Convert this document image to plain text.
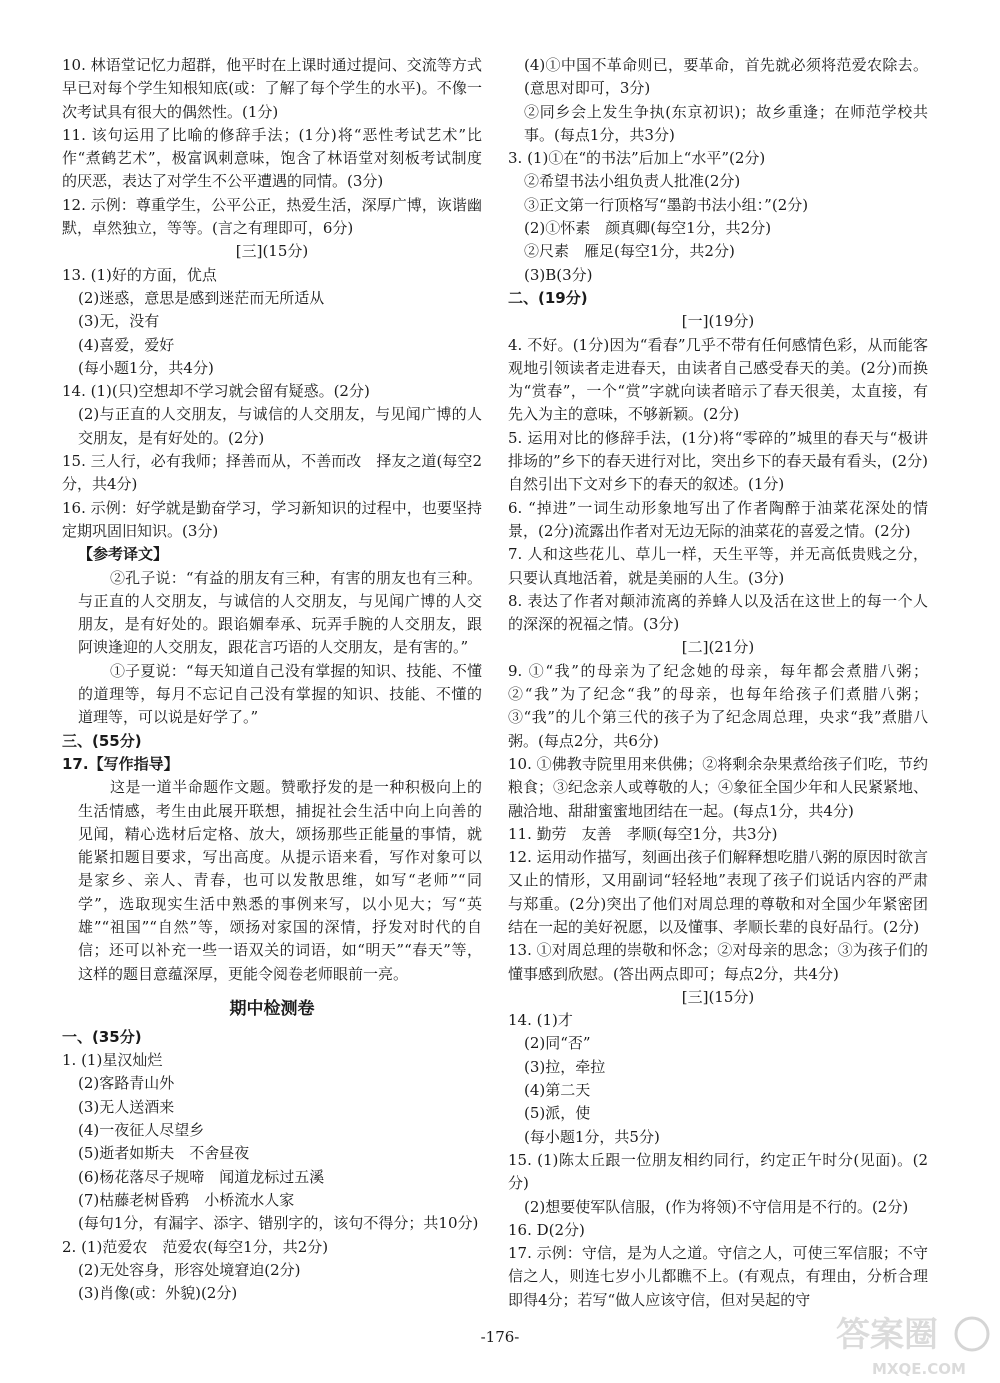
10. 林语堂记忆力超群，他平时在上课时通过提问、交流等方式早已对每个学生知根知底(或：了解了每个学生的水平)。不像一次考试具有很大的偶然性。(1分)
11. 该句运用了比喻的修辞手法；(1分)将“恶性考试艺术”比作“煮鹤艺术”，极富讽刺意味，饱含了林语堂对刻板考试制度的厌恶，表达了对学生不公平遭遇的同情。(3分)
12. 示例：尊重学生，公平公正，热爱生活，深厚广博，诙谐幽默，卓然独立，等等。(言之有理即可，6分)
[三](15分)
13. (1)好的方面，优点
(2)迷惑，意思是感到迷茫而无所适从
(3)无，没有
(4)喜爱，爱好
(每小题1分，共4分)
14. (1)(只)空想却不学习就会留有疑惑。(2分)
(2)与正直的人交朋友，与诚信的人交朋友，与见闻广博的人交朋友，是有好处的。(2分)
15. 三人行，必有我师；择善而从，不善而改　择友之道(每空2分，共4分)
16. 示例：好学就是勤奋学习，学习新知识的过程中，也要坚持定期巩固旧知识。(3分)
【参考译文】
②孔子说：“有益的朋友有三种，有害的朋友也有三种。与正直的人交朋友，与诚信的人交朋友，与见闻广博的人交朋友，是有好处的。跟谄媚奉承、玩弄手腕的人交朋友，跟阿谀逢迎的人交朋友，跟花言巧语的人交朋友，是有害的。”
①子夏说：“每天知道自己没有掌握的知识、技能、不懂的道理等，每月不忘记自己没有掌握的知识、技能、不懂的道理等，可以说是好学了。”
三、(55分)
17.【写作指导】
这是一道半命题作文题。赞歌抒发的是一种积极向上的生活情感，考生由此展开联想，捕捉社会生活中向上向善的见闻，精心选材后定格、放大，颂扬那些正能量的事情，就能紧扣题目要求，写出高度。从提示语来看，写作对象可以是家乡、亲人、青春，也可以发散思维，如写“老师”“同学”，选取现实生活中熟悉的事例来写，以小见大；写“英雄”“祖国”“自然”等，颂扬对家国的深情，抒发对时代的自信；还可以补充一些一语双关的词语，如“明天”“春天”等，这样的题目意蕴深厚，更能令阅卷老师眼前一亮。
期中检测卷
一、(35分)
1. (1)星汉灿烂
(2)客路青山外
(3)无人送酒来
(4)一夜征人尽望乡
(5)逝者如斯夫　不舍昼夜
(6)杨花落尽子规啼　闻道龙标过五溪
(7)枯藤老树昏鸦　小桥流水人家
(每句1分，有漏字、添字、错别字的，该句不得分；共10分)
2. (1)范爱农　范爱农(每空1分，共2分)
(2)无处容身，形容处境窘迫(2分)
(3)肖像(或：外貌)(2分)
(4)①中国不革命则已，要革命，首先就必须将范爱农除去。(意思对即可，3分)
②同乡会上发生争执(东京初识)；故乡重逢；在师范学校共事。(每点1分，共3分)
3. (1)①在“的书法”后加上“水平”(2分)
②希望书法小组负责人批准(2分)
③正文第一行顶格写“墨韵书法小组：”(2分)
(2)①怀素　颜真卿(每空1分，共2分)
②尺素　雁足(每空1分，共2分)
(3)B(3分)
二、(19分)
[一](19分)
4. 不好。(1分)因为“看春”几乎不带有任何感情色彩，从而能客观地引领读者走进春天，由读者自己感受春天的美。(2分)而换为“赏春”，一个“赏”字就向读者暗示了春天很美，太直接，有先入为主的意味，不够新颖。(2分)
5. 运用对比的修辞手法，(1分)将“零碎的”城里的春天与“极讲排场的”乡下的春天进行对比，突出乡下的春天最有看头，(2分)自然引出下文对乡下的春天的叙述。(1分)
6. “掉进”一词生动形象地写出了作者陶醉于油菜花深处的情景，(2分)流露出作者对无边无际的油菜花的喜爱之情。(2分)
7. 人和这些花儿、草儿一样，天生平等，并无高低贵贱之分，只要认真地活着，就是美丽的人生。(3分)
8. 表达了作者对颠沛流离的养蜂人以及活在这世上的每一个人的深深的祝福之情。(3分)
[二](21分)
9. ①“我”的母亲为了纪念她的母亲，每年都会煮腊八粥；②“我”为了纪念“我”的母亲，也每年给孩子们煮腊八粥；③“我”的儿个第三代的孩子为了纪念周总理，央求“我”煮腊八粥。(每点2分，共6分)
10. ①佛教寺院里用来供佛；②将剩余杂果煮给孩子们吃，节约粮食；③纪念亲人或尊敬的人；④象征全国少年和人民紧紧地、融洽地、甜甜蜜蜜地团结在一起。(每点1分，共4分)
11. 勤劳　友善　孝顺(每空1分，共3分)
12. 运用动作描写，刻画出孩子们解释想吃腊八粥的原因时欲言又止的情形，又用副词“轻轻地”表现了孩子们说话内容的严肃与郑重。(2分)突出了他们对周总理的尊敬和对全国少年紧密团结在一起的美好祝愿，以及懂事、孝顺长辈的良好品行。(2分)
13. ①对周总理的崇敬和怀念；②对母亲的思念；③为孩子们的懂事感到欣慰。(答出两点即可；每点2分，共4分)
[三](15分)
14. (1)才
(2)同“否”
(3)拉，牵拉
(4)第二天
(5)派，使
(每小题1分，共5分)
15. (1)陈太丘跟一位朋友相约同行，约定正午时分(见面)。(2分)
(2)想要使军队信服，(作为将领)不守信用是不行的。(2分)
16. D(2分)
17. 示例：守信，是为人之道。守信之人，可使三军信服；不守信之人，则连七岁小儿都瞧不上。(有观点，有理由，分析合理即得4分；若写“做人应该守信，但对吴起的守
-176-	答案圈
MXQE.COM
